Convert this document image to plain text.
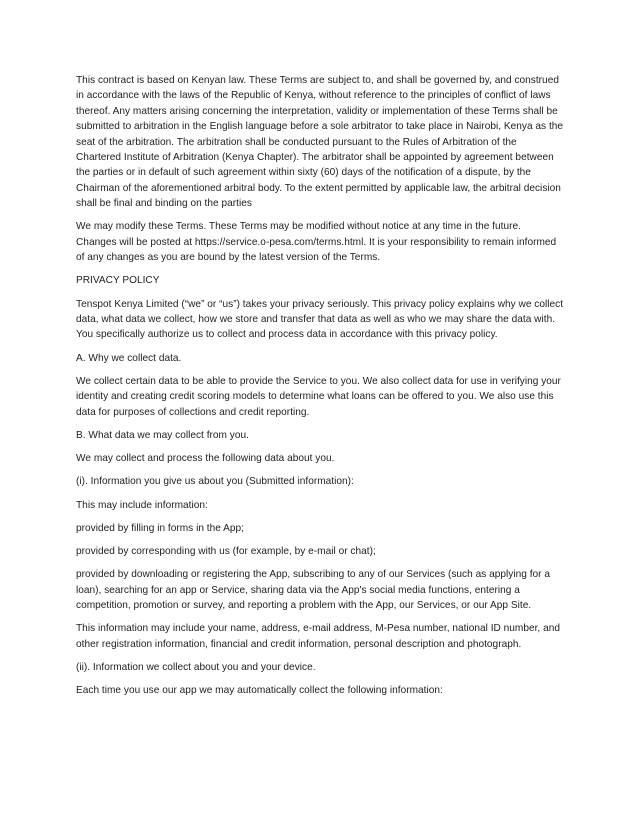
This contract is based on Kenyan law. These Terms are subject to, and shall be governed by, and construed in accordance with the laws of the Republic of Kenya, without reference to the principles of conflict of laws thereof. Any matters arising concerning the interpretation, validity or implementation of these Terms shall be submitted to arbitration in the English language before a sole arbitrator to take place in Nairobi, Kenya as the seat of the arbitration. The arbitration shall be conducted pursuant to the Rules of Arbitration of the Chartered Institute of Arbitration (Kenya Chapter). The arbitrator shall be appointed by agreement between the parties or in default of such agreement within sixty (60) days of the notification of a dispute, by the Chairman of the aforementioned arbitral body. To the extent permitted by applicable law, the arbitral decision shall be final and binding on the parties

We may modify these Terms. These Terms may be modified without notice at any time in the future. Changes will be posted at https://service.o-pesa.com/terms.html. It is your responsibility to remain informed of any changes as you are bound by the latest version of the Terms.

PRIVACY POLICY

Tenspot Kenya Limited (“we” or “us”) takes your privacy seriously. This privacy policy explains why we collect data, what data we collect, how we store and transfer that data as well as who we may share the data with. You specifically authorize us to collect and process data in accordance with this privacy policy.

A. Why we collect data.

We collect certain data to be able to provide the Service to you. We also collect data for use in verifying your identity and creating credit scoring models to determine what loans can be offered to you. We also use this data for purposes of collections and credit reporting.

B. What data we may collect from you.

We may collect and process the following data about you.

(i). Information you give us about you (Submitted information):

This may include information:

provided by filling in forms in the App;

provided by corresponding with us (for example, by e-mail or chat);

provided by downloading or registering the App, subscribing to any of our Services (such as applying for a loan), searching for an app or Service, sharing data via the App's social media functions, entering a competition, promotion or survey, and reporting a problem with the App, our Services, or our App Site.

This information may include your name, address, e-mail address, M-Pesa number, national ID number, and other registration information, financial and credit information, personal description and photograph.

(ii). Information we collect about you and your device.

Each time you use our app we may automatically collect the following information:
